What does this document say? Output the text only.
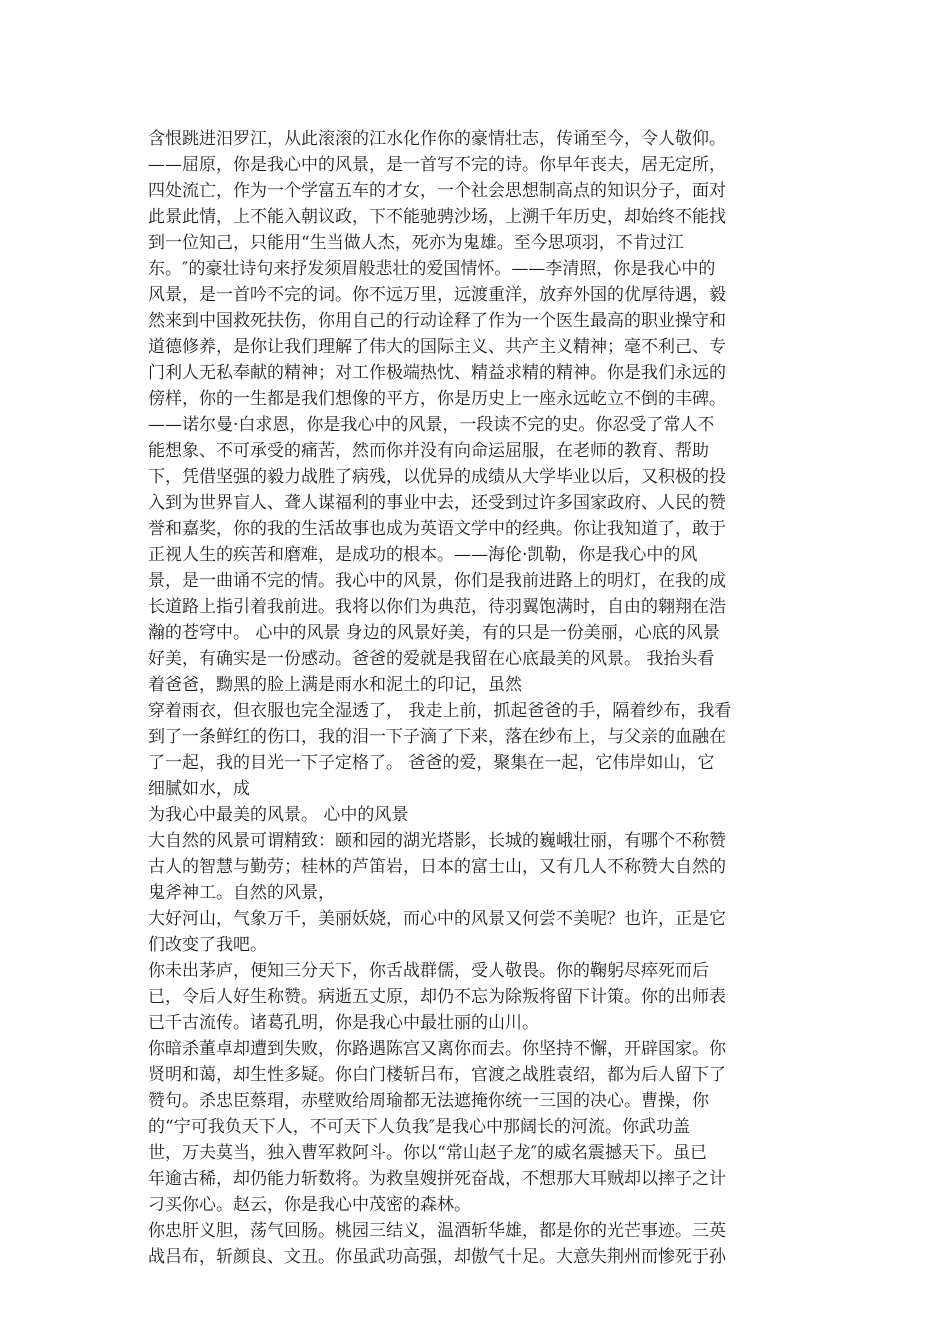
含恨跳进汨罗江，从此滚滚的江水化作你的豪情壮志，传诵至今，令人敬仰。
——屈原，你是我心中的风景，是一首写不完的诗。你早年丧夫，居无定所，
四处流亡，作为一个学富五车的才女，一个社会思想制高点的知识分子，面对
此景此情，上不能入朝议政，下不能驰骋沙场，上溯千年历史，却始终不能找
到一位知己，只能用“生当做人杰，死亦为鬼雄。至今思项羽，不肯过江
东。″的豪壮诗句来抒发须眉般悲壮的爱国情怀。——李清照，你是我心中的
风景，是一首吟不完的词。你不远万里，远渡重洋，放弃外国的优厚待遇，毅
然来到中国救死扶伤，你用自己的行动诠释了作为一个医生最高的职业操守和
道德修养，是你让我们理解了伟大的国际主义、共产主义精神；毫不利己、专
门利人无私奉献的精神；对工作极端热忱、精益求精的精神。你是我们永远的
傍样，你的一生都是我们想像的平方，你是历史上一座永远屹立不倒的丰碑。
——诺尔曼·白求恩，你是我心中的风景，一段读不完的史。你忍受了常人不
能想象、不可承受的痛苦，然而你并没有向命运屈服，在老师的教育、帮助
下，凭借坚强的毅力战胜了病残，以优异的成绩从大学毕业以后，又积极的投
入到为世界盲人、聋人谋福利的事业中去，还受到过许多国家政府、人民的赞
誉和嘉奖，你的我的生活故事也成为英语文学中的经典。你让我知道了，敢于
正视人生的疾苦和磨难，是成功的根本。——海伦·凯勒，你是我心中的风
景，是一曲诵不完的情。我心中的风景，你们是我前进路上的明灯，在我的成
长道路上指引着我前进。我将以你们为典范，待羽翼饱满时，自由的翱翔在浩
瀚的苍穹中。 心中的风景 身边的风景好美，有的只是一份美丽，心底的风景
好美，有确实是一份感动。爸爸的爱就是我留在心底最美的风景。 我抬头看
着爸爸，黝黑的脸上满是雨水和泥土的印记，虽然
穿着雨衣，但衣服也完全湿透了， 我走上前，抓起爸爸的手，隔着纱布，我看
到了一条鲜红的伤口，我的泪一下子滴了下来，落在纱布上，与父亲的血融在
了一起，我的目光一下子定格了。 爸爸的爱，聚集在一起，它伟岸如山，它
细腻如水，成
为我心中最美的风景。 心中的风景
大自然的风景可谓精致：颐和园的湖光塔影，长城的巍峨壮丽，有哪个不称赞
古人的智慧与勤劳；桂林的芦笛岩，日本的富士山，又有几人不称赞大自然的
鬼斧神工。自然的风景，
大好河山，气象万千，美丽妖娆，而心中的风景又何尝不美呢？也许，正是它
们改变了我吧。
你未出茅庐，便知三分天下，你舌战群儒，受人敬畏。你的鞠躬尽瘁死而后
已，令后人好生称赞。病逝五丈原，却仍不忘为除叛将留下计策。你的出师表
已千古流传。诸葛孔明，你是我心中最壮丽的山川。
你暗杀董卓却遭到失败，你路遇陈宫又离你而去。你坚持不懈，开辟国家。你
贤明和蔼，却生性多疑。你白门楼斩吕布，官渡之战胜袁绍，都为后人留下了
赞句。杀忠臣蔡瑁，赤壁败给周瑜都无法遮掩你统一三国的决心。曹操，你
的“宁可我负天下人，不可天下人负我″是我心中那阔长的河流。你武功盖
世，万夫莫当，独入曹军救阿斗。你以“常山赵子龙″的威名震撼天下。虽已
年逾古稀，却仍能力斩数将。为救皇嫂拼死奋战，不想那大耳贼却以摔子之计
刁买你心。赵云，你是我心中茂密的森林。
你忠肝义胆，荡气回肠。桃园三结义，温酒斩华雄，都是你的光芒事迹。三英
战吕布，斩颜良、文丑。你虽武功高强，却傲气十足。大意失荆州而惨死于孙
